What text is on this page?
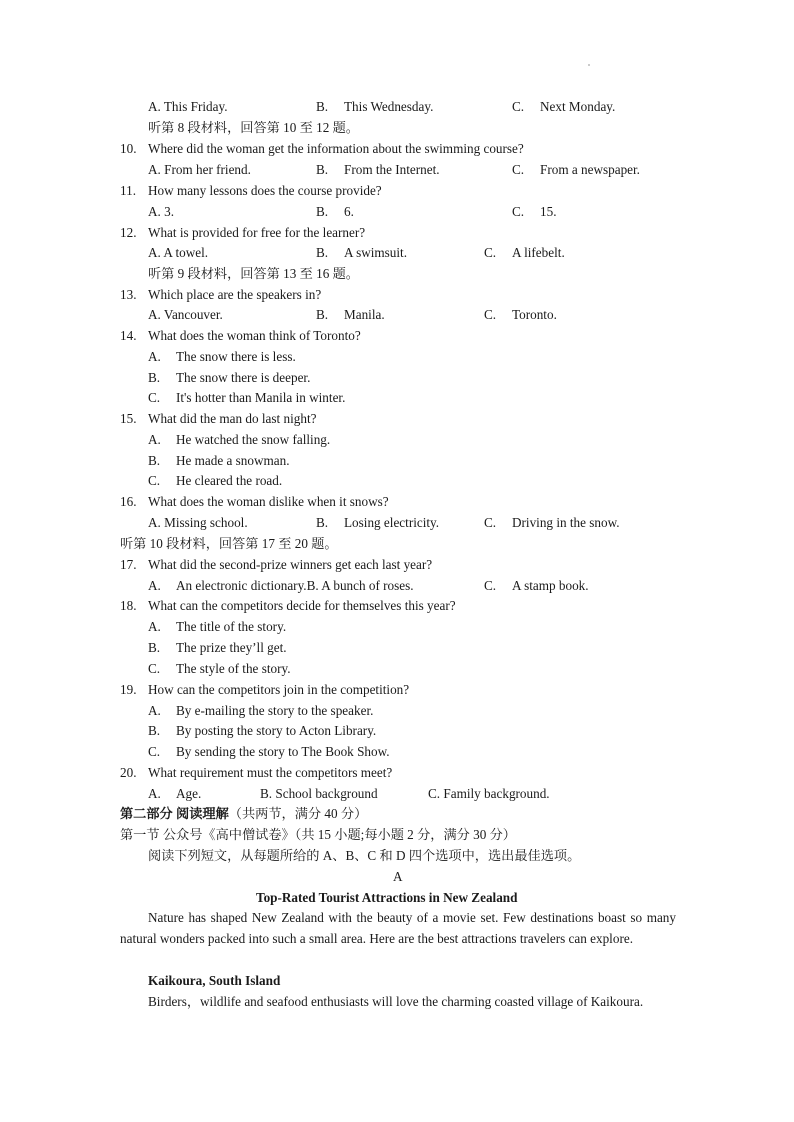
A. This Friday.	B. This Wednesday.	C. Next Monday.
听第 8 段材料，回答第 10 至 12 题。
10. Where did the woman get the information about the swimming course?
A. From her friend.	B. From the Internet.	C. From a newspaper.
11. How many lessons does the course provide?
A. 3.	B. 6.	C. 15.
12. What is provided for free for the learner?
A. A towel.	B. A swimsuit.	C. A lifebelt.
听第 9 段材料，回答第 13 至 16 题。
13. Which place are the speakers in?
A. Vancouver.	B. Manila.	C. Toronto.
14. What does the woman think of Toronto?
A. The snow there is less.
B. The snow there is deeper.
C. It's hotter than Manila in winter.
15. What did the man do last night?
A. He watched the snow falling.
B. He made a snowman.
C. He cleared the road.
16. What does the woman dislike when it snows?
A. Missing school.	B. Losing electricity.	C. Driving in the snow.
听第 10 段材料，回答第 17 至 20 题。
17. What did the second-prize winners get each last year?
A. An electronic dictionary.B. A bunch of roses.	C. A stamp book.
18. What can the competitors decide for themselves this year?
A. The title of the story.
B. The prize they’ll get.
C. The style of the story.
19. How can the competitors join in the competition?
A. By e-mailing the story to the speaker.
B. By posting the story to Acton Library.
C. By sending the story to The Book Show.
20. What requirement must the competitors meet?
A. Age.	B. School background	C. Family background.
第二部分 阅读理解（共两节，满分 40 分）
第一节 公众号《高中僧试卷》（共 15 小题;每小题 2 分，满分 30 分）
阅读下列短文，从每题所给的 A、B、C 和 D 四个选项中，选出最佳选项。
A
Top-Rated Tourist Attractions in New Zealand
Nature has shaped New Zealand with the beauty of a movie set. Few destinations boast so many natural wonders packed into such a small area. Here are the best attractions travelers can explore.
Kaikoura, South Island
Birders，wildlife and seafood enthusiasts will love the charming coasted village of Kaikoura.
